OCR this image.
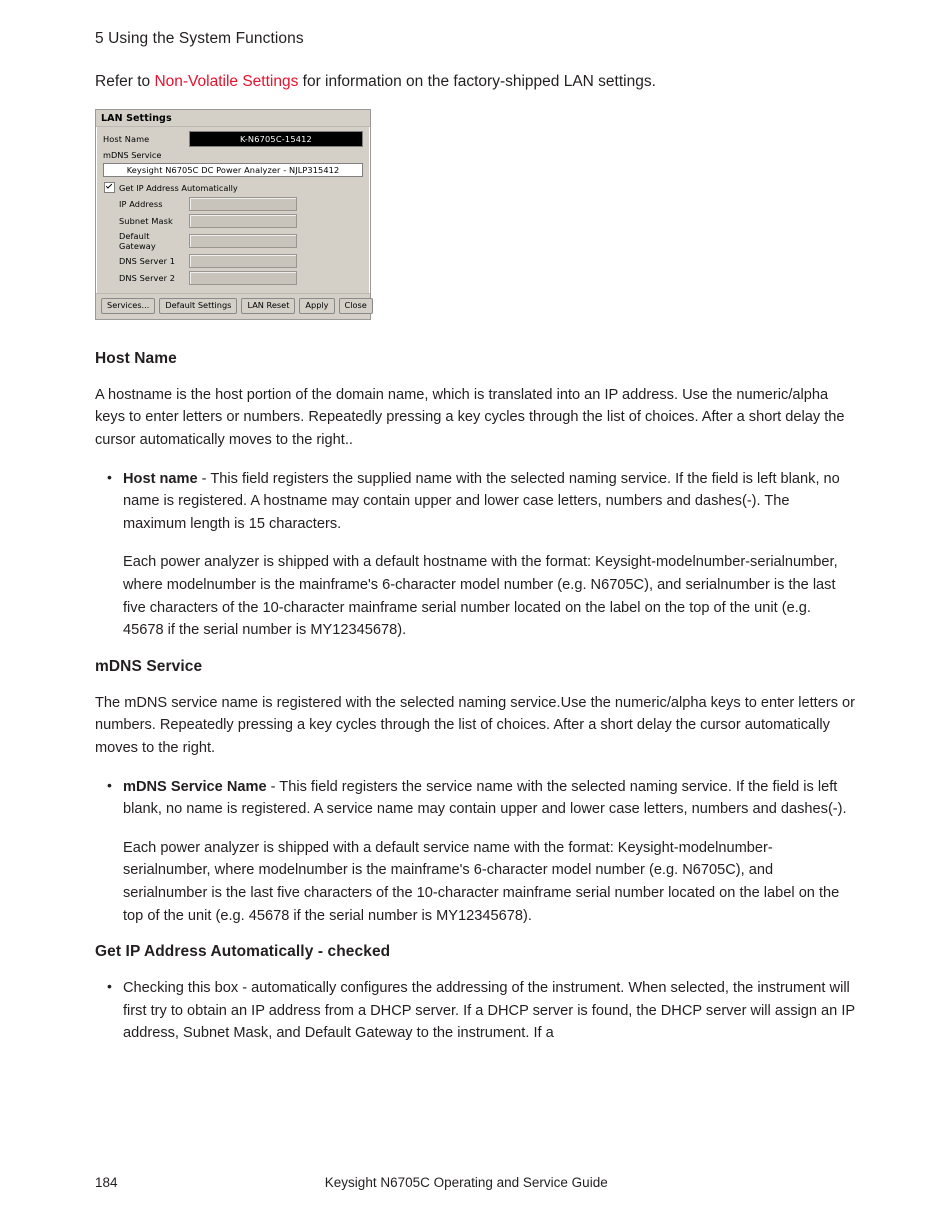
5 Using the System Functions

Refer to Non-Volatile Settings for information on the factory-shipped LAN settings.

LAN Settings
Host Name	K-N6705C-15412
mDNS Service
Keysight N6705C DC Power Analyzer - NJLP315412
Get IP Address Automatically
IP Address
Subnet Mask
Default Gateway
DNS Server 1
DNS Server 2
Services...	Default Settings	LAN Reset	Apply	Close
Host Name

A hostname is the host portion of the domain name, which is translated into an IP address. Use the numeric/alpha keys to enter letters or numbers. Repeatedly pressing a key cycles through the list of choices. After a short delay the cursor automatically moves to the right..

• Host name - This field registers the supplied name with the selected naming service. If the field is left blank, no name is registered. A hostname may contain upper and lower case letters, numbers and dashes(-). The maximum length is 15 characters.
Each power analyzer is shipped with a default hostname with the format: Keysight-modelnumber-serialnumber, where modelnumber is the mainframe's 6-character model number (e.g. N6705C), and serialnumber is the last five characters of the 10-character mainframe serial number located on the label on the top of the unit (e.g. 45678 if the serial number is MY12345678).
mDNS Service

The mDNS service name is registered with the selected naming service.Use the numeric/alpha keys to enter letters or numbers. Repeatedly pressing a key cycles through the list of choices. After a short delay the cursor automatically moves to the right.

• mDNS Service Name - This field registers the service name with the selected naming service. If the field is left blank, no name is registered. A service name may contain upper and lower case letters, numbers and dashes(-).
Each power analyzer is shipped with a default service name with the format: Keysight-modelnumber-serialnumber, where modelnumber is the mainframe's 6-character model number (e.g. N6705C), and serialnumber is the last five characters of the 10-character mainframe serial number located on the label on the top of the unit (e.g. 45678 if the serial number is MY12345678).
Get IP Address Automatically - checked
• Checking this box - automatically configures the addressing of the instrument. When selected, the instrument will first try to obtain an IP address from a DHCP server. If a DHCP server is found, the DHCP server will assign an IP address, Subnet Mask, and Default Gateway to the instrument. If a
184	Keysight N6705C Operating and Service Guide
